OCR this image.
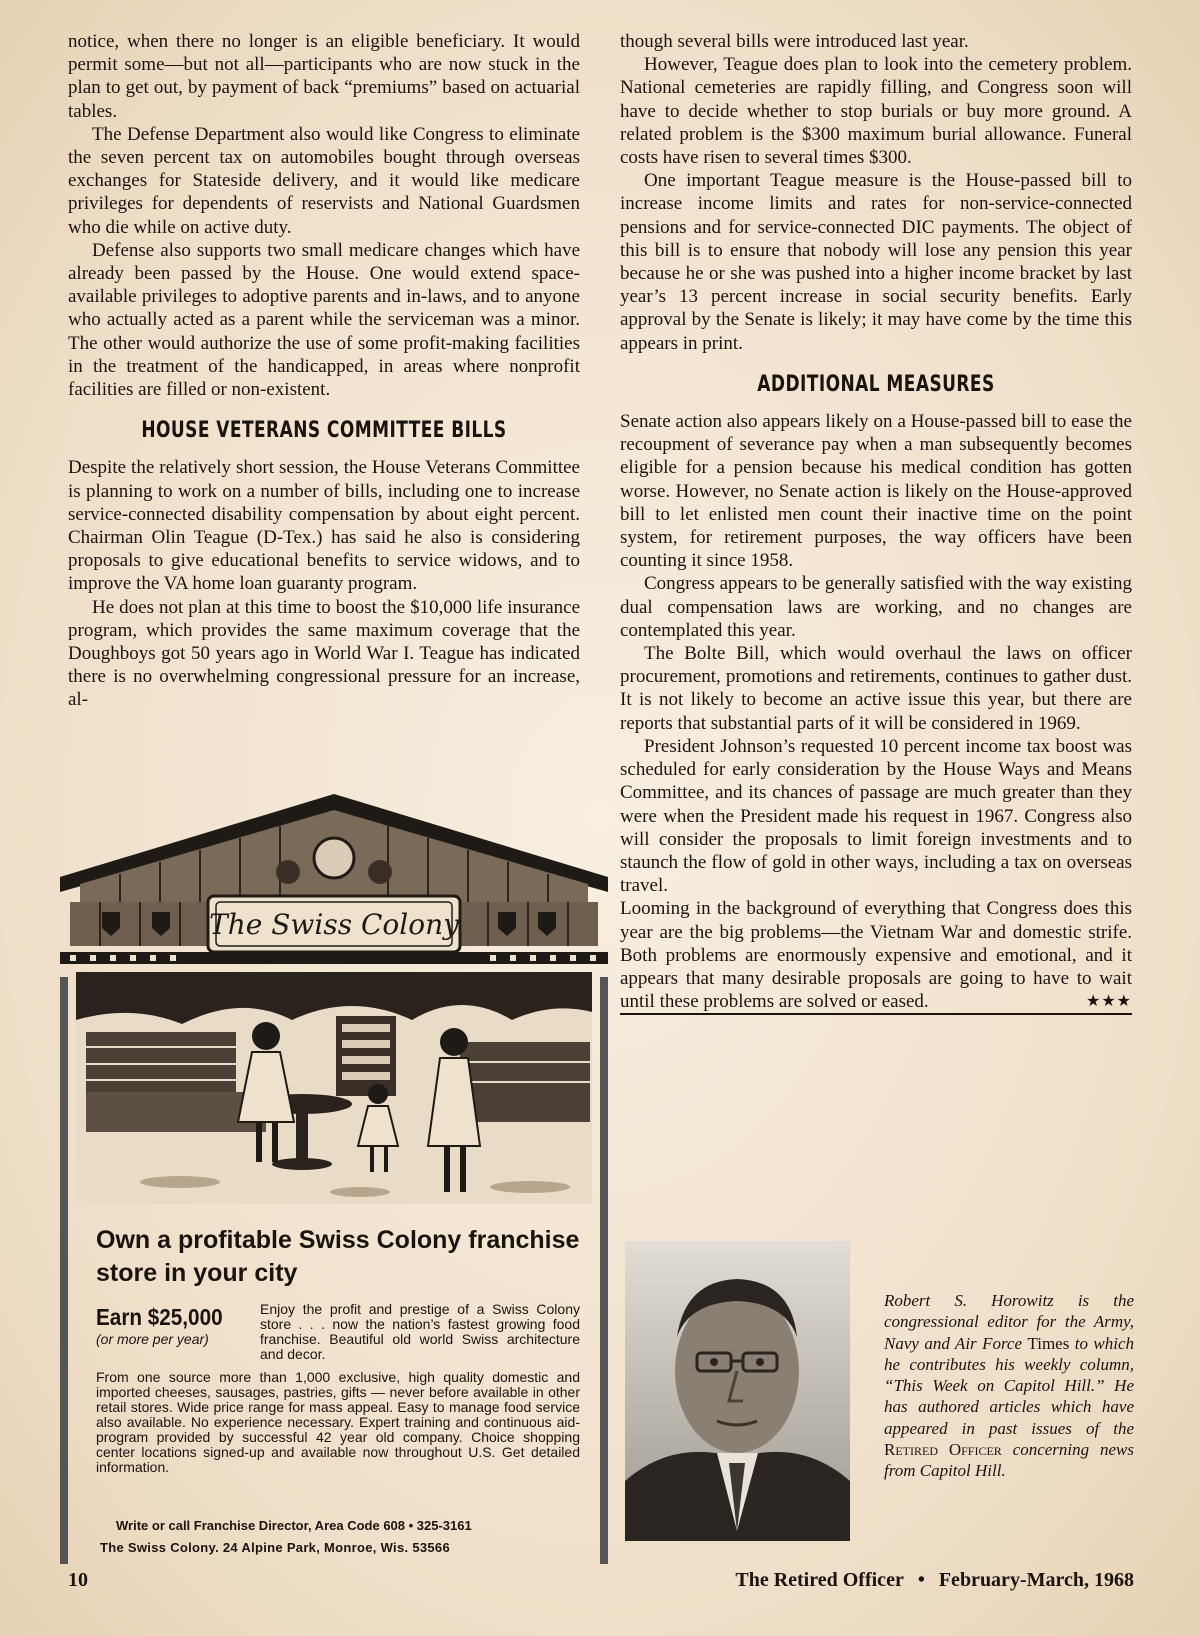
notice, when there no longer is an eligible beneficiary. It would permit some—but not all—participants who are now stuck in the plan to get out, by payment of back “premiums” based on actuarial tables.

The Defense Department also would like Congress to eliminate the seven percent tax on automobiles bought through overseas exchanges for Stateside delivery, and it would like medicare privileges for dependents of reservists and National Guardsmen who die while on active duty.

Defense also supports two small medicare changes which have already been passed by the House. One would extend space-available privileges to adoptive parents and in-laws, and to anyone who actually acted as a parent while the serviceman was a minor. The other would authorize the use of some profit-making facilities in the treatment of the handicapped, in areas where nonprofit facilities are filled or non-existent.

HOUSE VETERANS COMMITTEE BILLS

Despite the relatively short session, the House Veterans Committee is planning to work on a number of bills, including one to increase service-connected disability compensation by about eight percent. Chairman Olin Teague (D-Tex.) has said he also is considering proposals to give educational benefits to service widows, and to improve the VA home loan guaranty program.

He does not plan at this time to boost the $10,000 life insurance program, which provides the same maximum coverage that the Doughboys got 50 years ago in World War I. Teague has indicated there is no overwhelming congressional pressure for an increase, al-

though several bills were introduced last year.

However, Teague does plan to look into the cemetery problem. National cemeteries are rapidly filling, and Congress soon will have to decide whether to stop burials or buy more ground. A related problem is the $300 maximum burial allowance. Funeral costs have risen to several times $300.

One important Teague measure is the House-passed bill to increase income limits and rates for non-service-connected pensions and for service-connected DIC payments. The object of this bill is to ensure that nobody will lose any pension this year because he or she was pushed into a higher income bracket by last year’s 13 percent increase in social security benefits. Early approval by the Senate is likely; it may have come by the time this appears in print.

ADDITIONAL MEASURES

Senate action also appears likely on a House-passed bill to ease the recoupment of severance pay when a man subsequently becomes eligible for a pension because his medical condition has gotten worse. However, no Senate action is likely on the House-approved bill to let enlisted men count their inactive time on the point system, for retirement purposes, the way officers have been counting it since 1958.

Congress appears to be generally satisfied with the way existing dual compensation laws are working, and no changes are contemplated this year.

The Bolte Bill, which would overhaul the laws on officer procurement, promotions and retirements, continues to gather dust. It is not likely to become an active issue this year, but there are reports that substantial parts of it will be considered in 1969.

President Johnson’s requested 10 percent income tax boost was scheduled for early consideration by the House Ways and Means Committee, and its chances of passage are much greater than they were when the President made his request in 1967. Congress also will consider the proposals to limit foreign investments and to staunch the flow of gold in other ways, including a tax on overseas travel.

Looming in the background of everything that Congress does this year are the big problems—the Vietnam War and domestic strife. Both problems are enormously expensive and emotional, and it appears that many desirable proposals are going to have to wait until these problems are solved or eased.	★★★
The Swiss Colony
Own a profitable Swiss Colony franchise store in your city
Earn $25,000
(or more per year)
Enjoy the profit and prestige of a Swiss Colony store . . . now the nation’s fastest growing food franchise. Beautiful old world Swiss architecture and decor.
From one source more than 1,000 exclusive, high quality domestic and imported cheeses, sausages, pastries, gifts — never before available in other retail stores. Wide price range for mass appeal. Easy to manage food service also available. No experience necessary. Expert training and continuous aid-program provided by successful 42 year old company. Choice shopping center locations signed-up and available now throughout U.S. Get detailed information.
Write or call Franchise Director, Area Code 608 • 325-3161
The Swiss Colony. 24 Alpine Park, Monroe, Wis. 53566
Robert S. Horowitz is the congressional editor for the Army, Navy and Air Force Times to which he contributes his weekly column, “This Week on Capitol Hill.” He has authored articles which have appeared in past issues of the Retired Officer concerning news from Capitol Hill.
10	The Retired Officer • February-March, 1968
